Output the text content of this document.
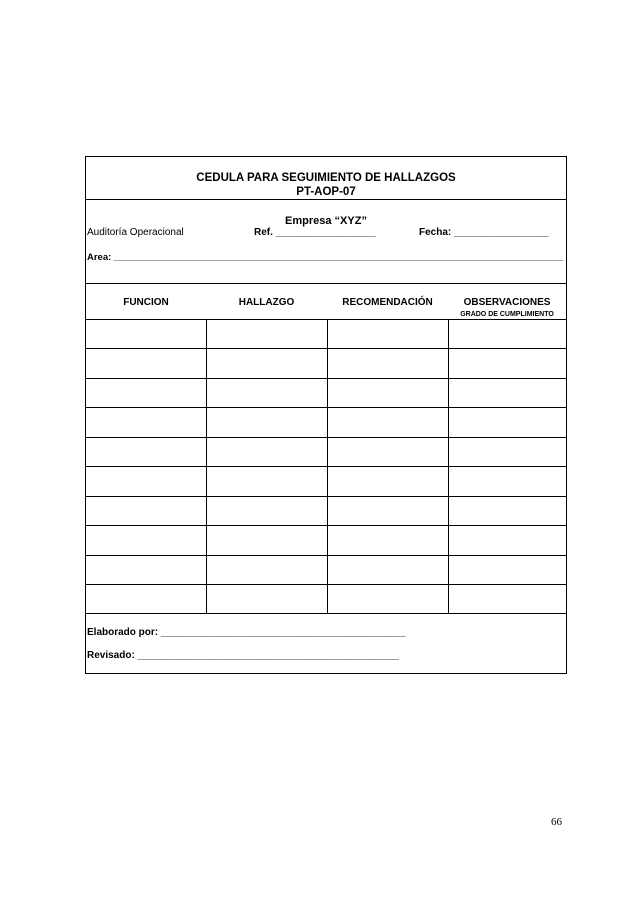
CEDULA PARA SEGUIMIENTO DE HALLAZGOS
PT-AOP-07
Empresa “XYZ”
Auditoría Operacional	Ref. __________________	Fecha: _________________
Area: _____________________________________________________________________________________
FUNCION	HALLAZGO	RECOMENDACIÓN	OBSERVACIONES
GRADO DE CUMPLIMIENTO
Elaborado por: ____________________________________________
Revisado: _______________________________________________
66
